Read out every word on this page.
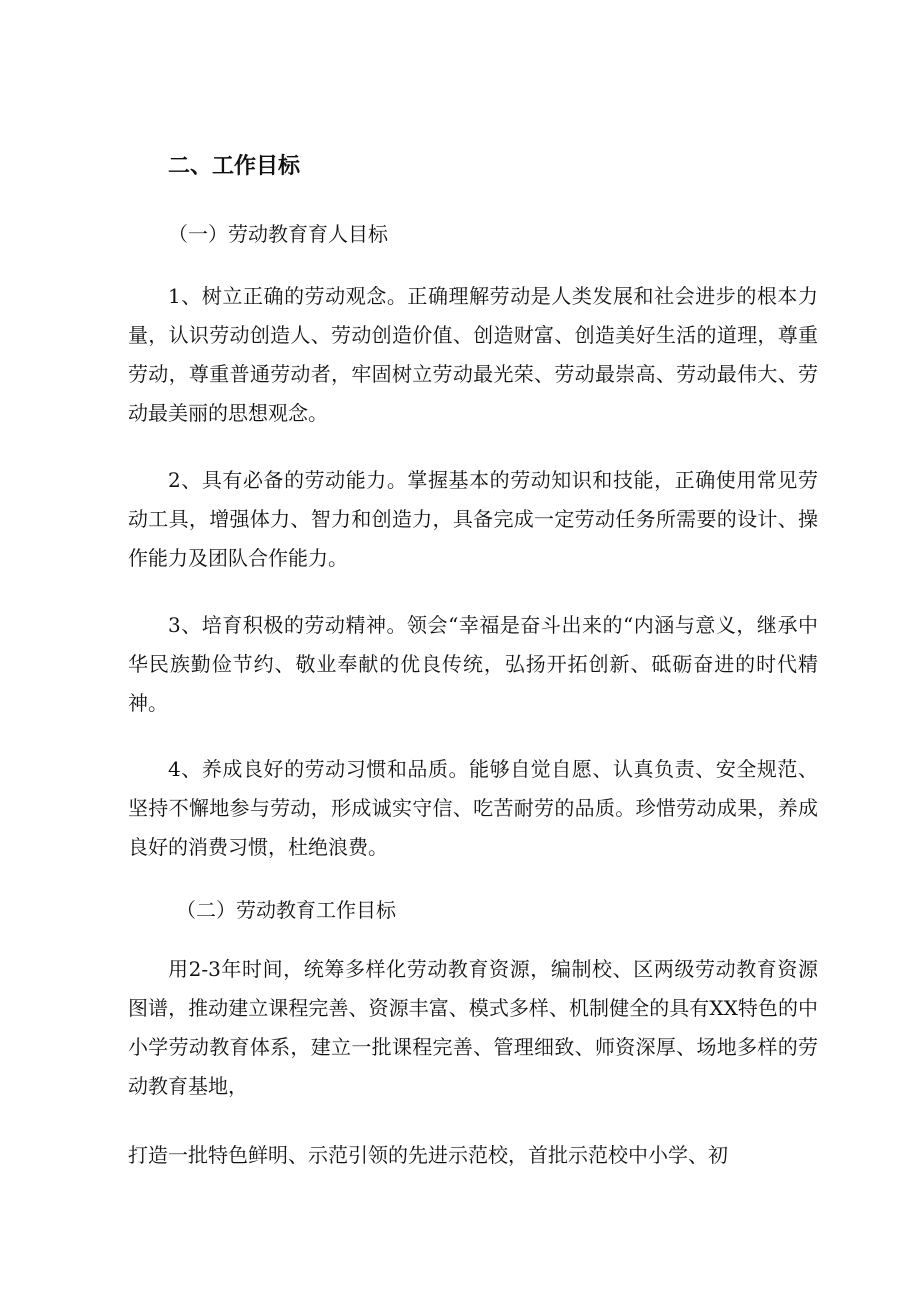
二、工作目标
（一）劳动教育育人目标

1、树立正确的劳动观念。正确理解劳动是人类发展和社会进步的根本力量，认识劳动创造人、劳动创造价值、创造财富、创造美好生活的道理，尊重劳动，尊重普通劳动者，牢固树立劳动最光荣、劳动最崇高、劳动最伟大、劳动最美丽的思想观念。

2、具有必备的劳动能力。掌握基本的劳动知识和技能，正确使用常见劳动工具，增强体力、智力和创造力，具备完成一定劳动任务所需要的设计、操作能力及团队合作能力。

3、培育积极的劳动精神。领会“幸福是奋斗出来的“内涵与意义，继承中华民族勤俭节约、敬业奉献的优良传统，弘扬开拓创新、砥砺奋进的时代精神。

4、养成良好的劳动习惯和品质。能够自觉自愿、认真负责、安全规范、坚持不懈地参与劳动，形成诚实守信、吃苦耐劳的品质。珍惜劳动成果，养成良好的消费习惯，杜绝浪费。

（二）劳动教育工作目标

用2-3年时间，统筹多样化劳动教育资源，编制校、区两级劳动教育资源图谱，推动建立课程完善、资源丰富、模式多样、机制健全的具有XX特色的中小学劳动教育体系，建立一批课程完善、管理细致、师资深厚、场地多样的劳动教育基地，

打造一批特色鲜明、示范引领的先进示范校，首批示范校中小学、初
